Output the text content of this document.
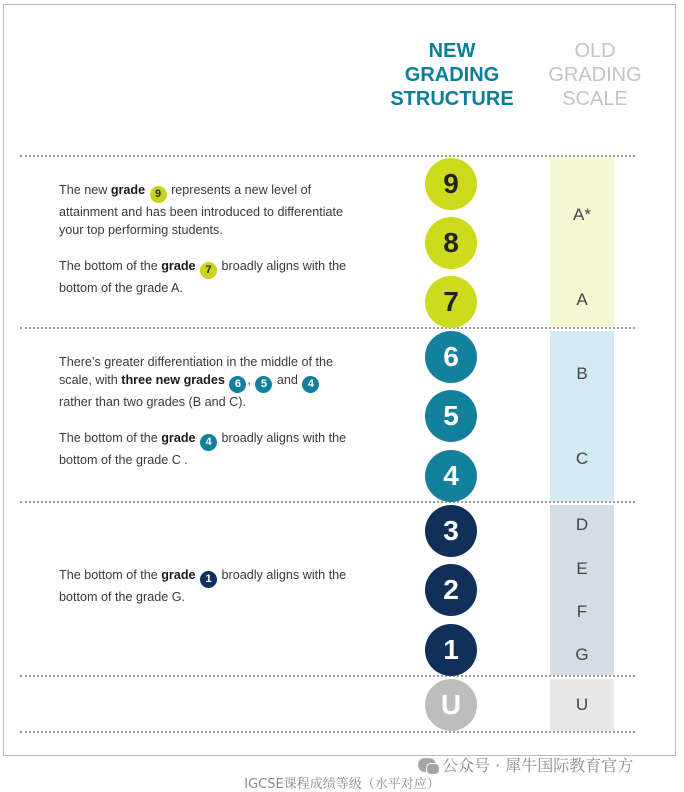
NEW
GRADING
STRUCTURE
OLD
GRADING
SCALE

The new grade 9 represents a new level of attainment and has been introduced to differentiate your top performing students.

The bottom of the grade 7 broadly aligns with the bottom of the grade A.

There’s greater differentiation in the middle of the scale, with three new grades 6 , 5 and 4 rather than two grades (B and C).

The bottom of the grade 4 broadly aligns with the bottom of the grade C .

The bottom of the grade 1 broadly aligns with the bottom of the grade G.

9
8
7
6
5
4
3
2
1
U
A*
A
B
C
D
E
F
G
U
公众号 · 犀牛国际教育官方
IGCSE课程成绩等级（水平对应）
